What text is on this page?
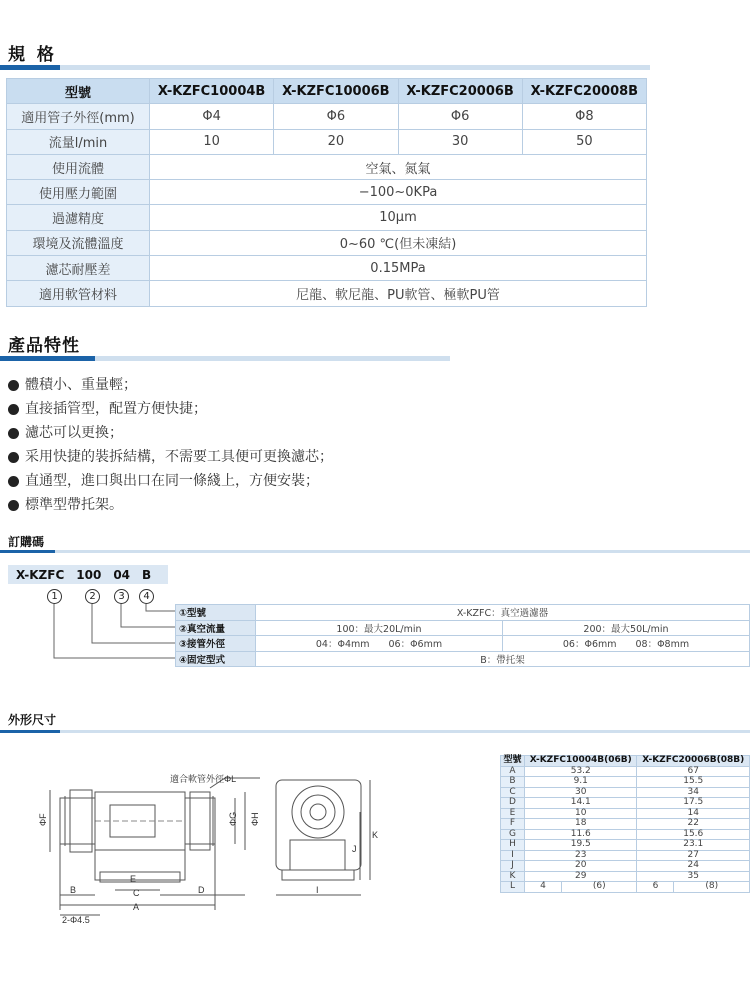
規 格
型號	X-KZFC10004B	X-KZFC10006B	X-KZFC20006B	X-KZFC20008B
適用管子外徑(mm)	Φ4	Φ6	Φ6	Φ8
流量l/min	10	20	30	50
使用流體	空氣、氮氣			
使用壓力範圍	−100~0KPa			
過濾精度	10μm			
環境及流體溫度	0~60 ℃(但未凍結)			
濾芯耐壓差	0.15MPa			
適用軟管材料	尼龍、軟尼龍、PU軟管、極軟PU管			
產品特性
體積小、重量輕；
直接插管型，配置方便快捷；
濾芯可以更換；
采用快捷的裝拆結構，不需要工具便可更換濾芯；
直通型，進口與出口在同一條綫上，方便安裝；
標準型帶托架。
訂購碼
X-KZFC 100 04 B
1	2	3	4
①型號	X-KZFC：真空過濾器	
②真空流量	100：最大20L/min	200：最大50L/min
③接管外徑	04：Φ4mm　　06：Φ6mm	06：Φ6mm　　08：Φ8mm
④固定型式	B：帶托架	
外形尺寸
適合軟管外徑ΦL
ΦF	ΦG ΦH
B
E
C	D
A
2-Φ4.5
J
K
I
型號	X-KZFC10004B(06B)		X-KZFC20006B(08B)	
A	53.2		67	
B	9.1		15.5	
C	30		34	
D	14.1		17.5	
E	10		14	
F	18		22	
G	11.6		15.6	
H	19.5		23.1	
I	23		27	
J	20		24	
K	29		35	
L	4	(6)	6	(8)
